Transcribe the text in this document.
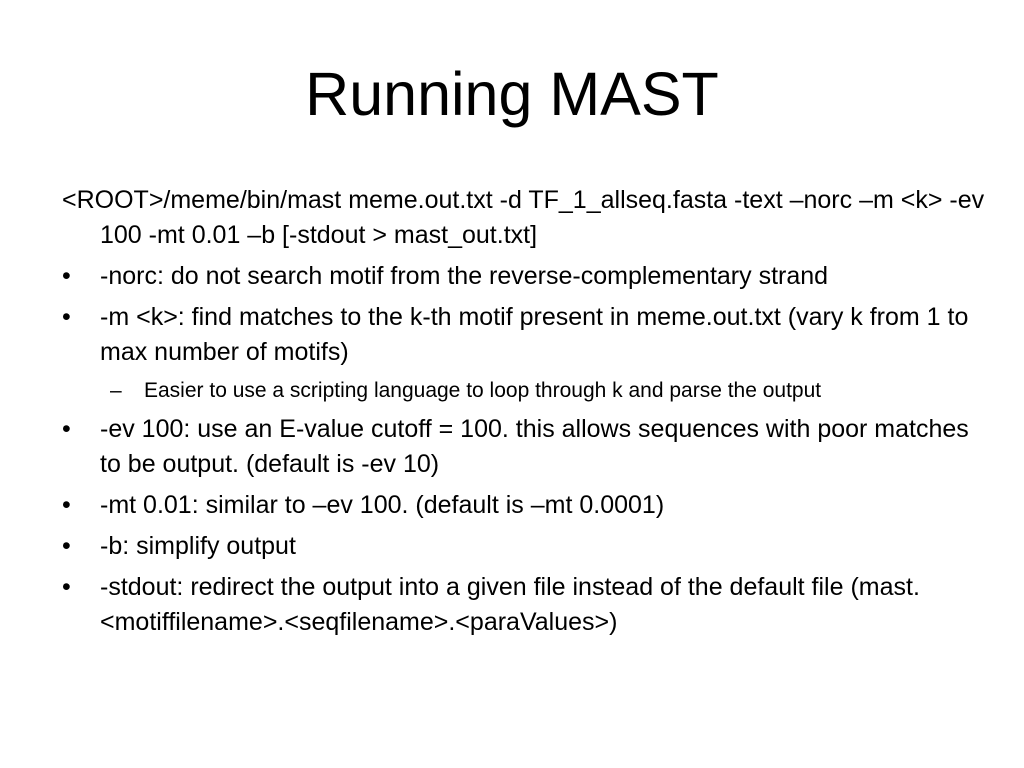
Running MAST

<ROOT>/meme/bin/mast meme.out.txt -d TF_1_allseq.fasta -text –norc –m <k> -ev 100 -mt 0.01 –b [-stdout > mast_out.txt]

•	-norc: do not search motif from the reverse-complementary strand
•	-m <k>: find matches to the k-th motif present in meme.out.txt (vary k from 1 to max number of motifs)
– Easier to use a scripting language to loop through k and parse the output
•	-ev 100: use an E-value cutoff = 100. this allows sequences with poor matches to be output. (default is -ev 10)
•	-mt 0.01: similar to –ev 100. (default is –mt 0.0001)
•	-b: simplify output
•	-stdout: redirect the output into a given file instead of the default file (mast.<motiffilename>.<seqfilename>.<paraValues>)
